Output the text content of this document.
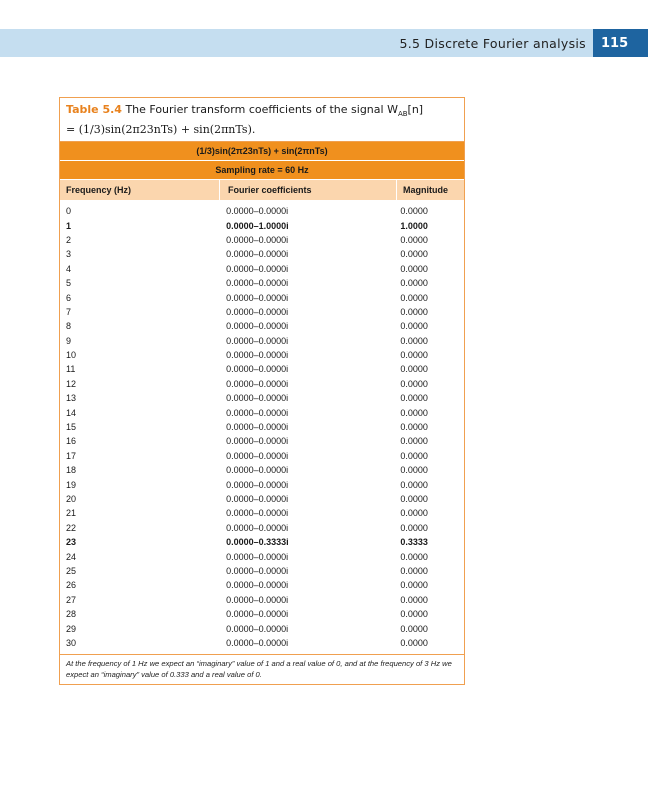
5.5 Discrete Fourier analysis	115
Table 5.4 The Fourier transform coefficients of the signal $W_{AB}[n]$
= (1/3)sin(2π23nTs) + sin(2πnTs).
(1/3)sin(2π23nTs) + sin(2πnTs)
Sampling rate = 60 Hz
Frequency (Hz)	Fourier coefficients	Magnitude
0	0.0000–0.0000i	0.0000
1	0.0000–1.0000i	1.0000
2	0.0000–0.0000i	0.0000
3	0.0000–0.0000i	0.0000
4	0.0000–0.0000i	0.0000
5	0.0000–0.0000i	0.0000
6	0.0000–0.0000i	0.0000
7	0.0000–0.0000i	0.0000
8	0.0000–0.0000i	0.0000
9	0.0000–0.0000i	0.0000
10	0.0000–0.0000i	0.0000
11	0.0000–0.0000i	0.0000
12	0.0000–0.0000i	0.0000
13	0.0000–0.0000i	0.0000
14	0.0000–0.0000i	0.0000
15	0.0000–0.0000i	0.0000
16	0.0000–0.0000i	0.0000
17	0.0000–0.0000i	0.0000
18	0.0000–0.0000i	0.0000
19	0.0000–0.0000i	0.0000
20	0.0000–0.0000i	0.0000
21	0.0000–0.0000i	0.0000
22	0.0000–0.0000i	0.0000
23	0.0000–0.3333i	0.3333
24	0.0000–0.0000i	0.0000
25	0.0000–0.0000i	0.0000
26	0.0000–0.0000i	0.0000
27	0.0000–0.0000i	0.0000
28	0.0000–0.0000i	0.0000
29	0.0000–0.0000i	0.0000
30	0.0000–0.0000i	0.0000
At the frequency of 1 Hz we expect an “imaginary” value of 1 and a real value of 0, and at the frequency of 3 Hz we expect an “imaginary” value of 0.333 and a real value of 0.
